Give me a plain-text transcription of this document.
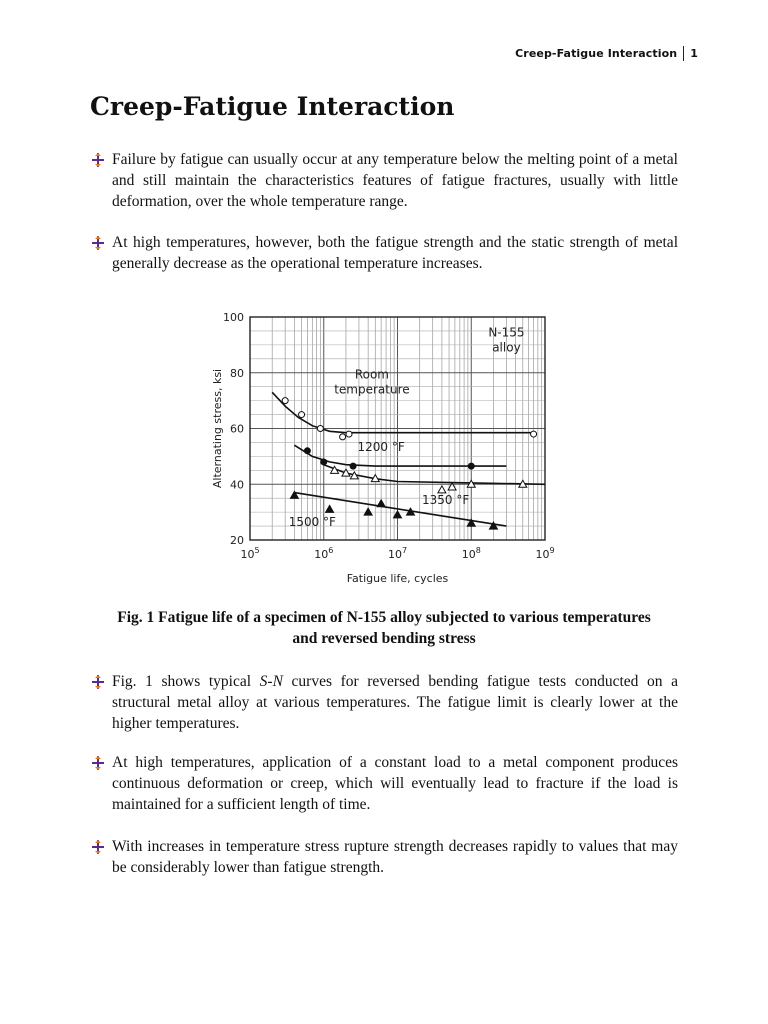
Creep-Fatigue Interaction 1
Creep-Fatigue Interaction
Failure by fatigue can usually occur at any temperature below the melting point of a metal and still maintain the characteristics features of fatigue fractures, usually with little deformation, over the whole temperature range.
At high temperatures, however, both the fatigue strength and the static strength of metal generally decrease as the operational temperature increases.
20
40
60
80
100
$10^5$	$10^6$	$10^7$	$10^8$	$10^9$
Fatigue life, cycles
Alternating stress, ksi
N-155 alloy
Room temperature
1200 °F
1350 °F
1500 °F
Fig. 1 Fatigue life of a specimen of N-155 alloy subjected to various temperatures and reversed bending stress
Fig. 1 shows typical S-N curves for reversed bending fatigue tests conducted on a structural metal alloy at various temperatures. The fatigue limit is clearly lower at the higher temperatures.
At high temperatures, application of a constant load to a metal component produces continuous deformation or creep, which will eventually lead to fracture if the load is maintained for a sufficient length of time.
With increases in temperature stress rupture strength decreases rapidly to values that may be considerably lower than fatigue strength.
